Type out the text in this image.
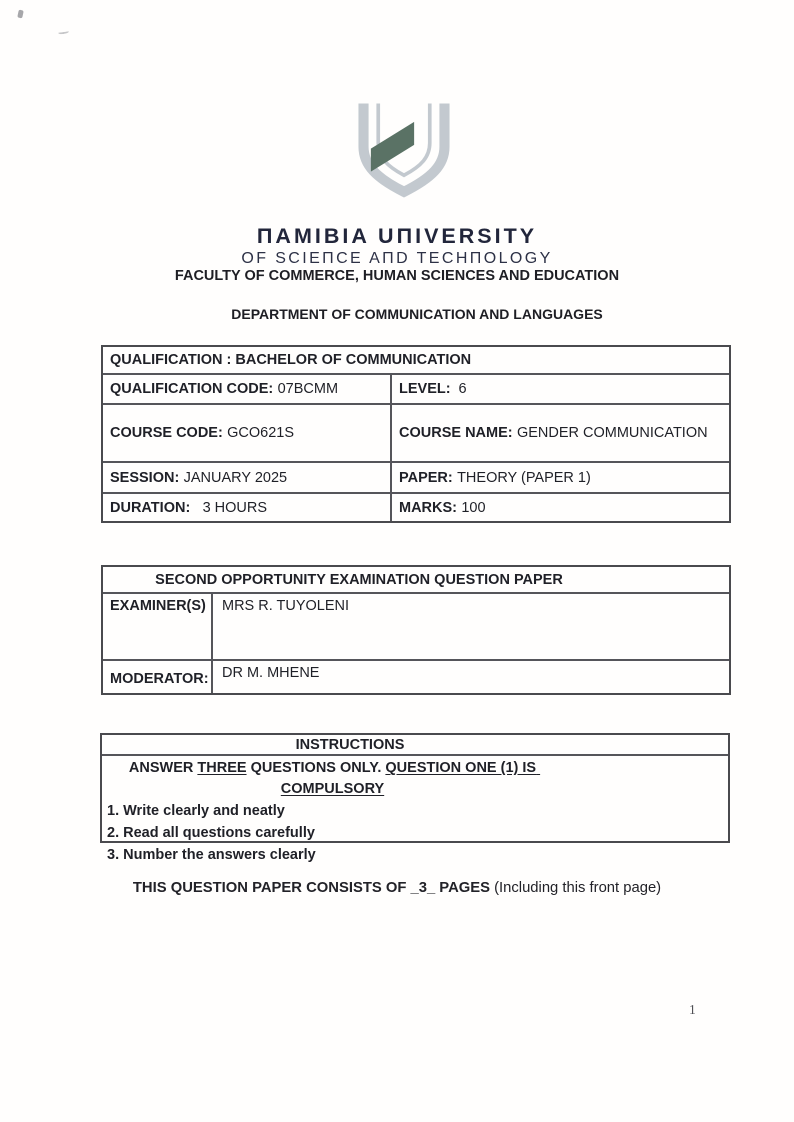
ΠAMIBIA UΠIVERSITY
OF SCIEΠCE AΠD TECHΠOLOGY
FACULTY OF COMMERCE, HUMAN SCIENCES AND EDUCATION
DEPARTMENT OF COMMUNICATION AND LANGUAGES
QUALIFICATION : BACHELOR OF COMMUNICATION
QUALIFICATION CODE: 07BCMM	LEVEL: 6
COURSE CODE: GCO621S	COURSE NAME: GENDER COMMUNICATION
SESSION: JANUARY 2025	PAPER: THEORY (PAPER 1)
DURATION: 3 HOURS	MARKS: 100
SECOND OPPORTUNITY EXAMINATION QUESTION PAPER
EXAMINER(S) MRS R. TUYOLENI
MODERATOR: DR M. MHENE
INSTRUCTIONS
ANSWER THREE QUESTIONS ONLY. QUESTION ONE (1) IS COMPULSORY
1. Write clearly and neatly
2. Read all questions carefully
3. Number the answers clearly
THIS QUESTION PAPER CONSISTS OF _3_ PAGES (Including this front page)
1
